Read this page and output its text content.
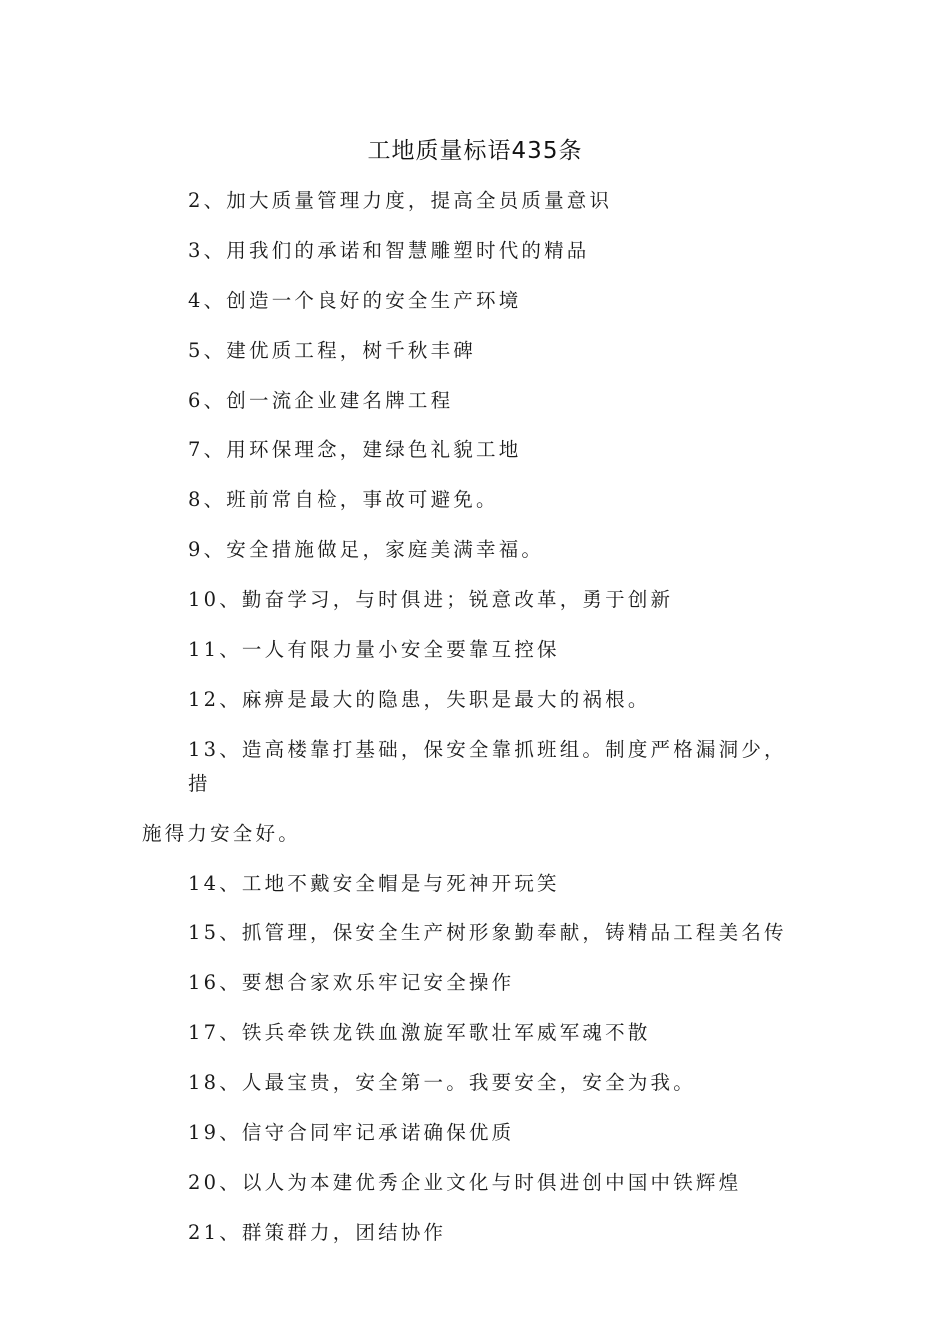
工地质量标语435条
2、加大质量管理力度，提高全员质量意识
3、用我们的承诺和智慧雕塑时代的精品
4、创造一个良好的安全生产环境
5、建优质工程，树千秋丰碑
6、创一流企业建名牌工程
7、用环保理念，建绿色礼貌工地
8、班前常自检，事故可避免。
9、安全措施做足，家庭美满幸福。
10、勤奋学习，与时俱进；锐意改革，勇于创新
11、一人有限力量小安全要靠互控保
12、麻痹是最大的隐患，失职是最大的祸根。
13、造高楼靠打基础，保安全靠抓班组。制度严格漏洞少，措
施得力安全好。
14、工地不戴安全帽是与死神开玩笑
15、抓管理，保安全生产树形象勤奉献，铸精品工程美名传
16、要想合家欢乐牢记安全操作
17、铁兵牵铁龙铁血激旋军歌壮军威军魂不散
18、人最宝贵，安全第一。我要安全，安全为我。
19、信守合同牢记承诺确保优质
20、以人为本建优秀企业文化与时俱进创中国中铁辉煌
21、群策群力，团结协作
